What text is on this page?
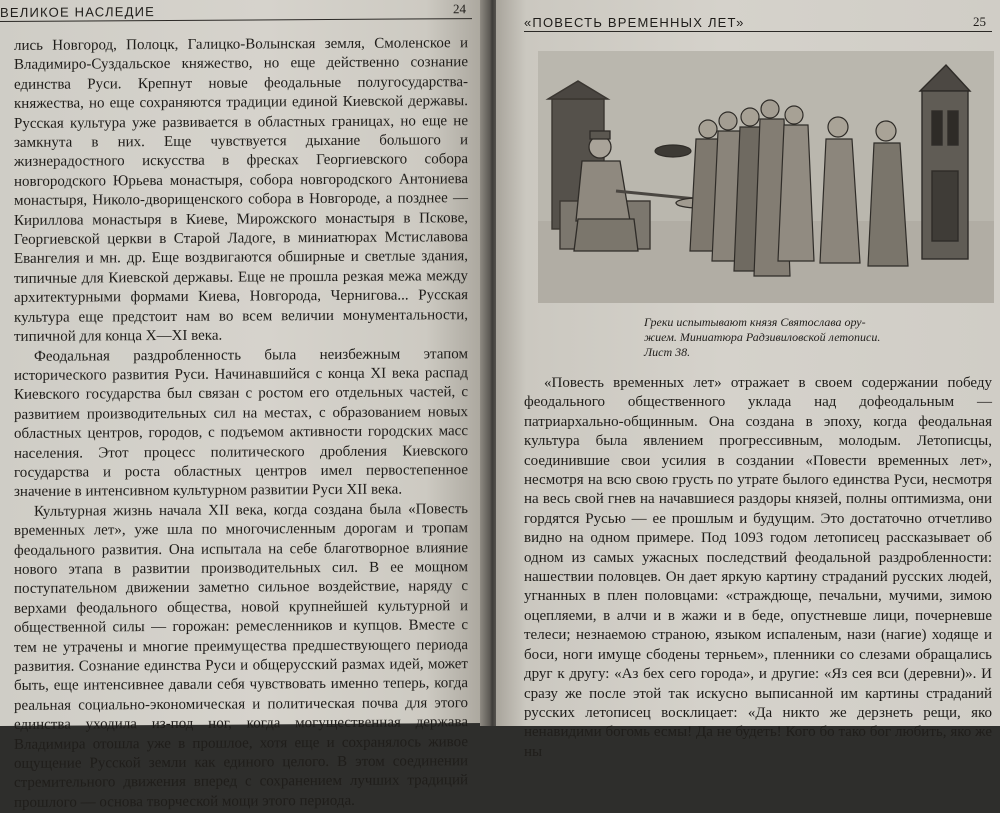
ВЕЛИКОЕ НАСЛЕДИЕ	24

лись Новгород, Полоцк, Галицко-Волынская земля, Смоленское и Владимиро-Суздальское княжество, но еще действенно сознание единства Руси. Крепнут новые феодальные полугосударства-княжества, но еще сохраняются традиции единой Киевской державы. Русская культура уже развивается в областных границах, но еще не замкнута в них. Еще чувствуется дыхание большого и жизнерадостного искусства в фресках Георгиевского собора новгородского Юрьева монастыря, собора новгородского Антониева монастыря, Николо-дворищенского собора в Новгороде, а позднее — Кириллова монастыря в Киеве, Мирожского монастыря в Пскове, Георгиевской церкви в Старой Ладоге, в миниатюрах Мстиславова Евангелия и мн. др. Еще воздвигаются обширные и светлые здания, типичные для Киевской державы. Еще не прошла резкая межа между архитектурными формами Киева, Новгорода, Чернигова... Русская культура еще предстоит нам во всем величии монументальности, типичной для конца X—XI века.

Феодальная раздробленность была неизбежным этапом исторического развития Руси. Начинавшийся с конца XI века распад Киевского государства был связан с ростом его отдельных частей, с развитием производительных сил на местах, с образованием новых областных центров, городов, с подъемом активности городских масс населения. Этот процесс политического дробления Киевского государства и роста областных центров имел первостепенное значение в интенсивном культурном развитии Руси XII века.

Культурная жизнь начала XII века, когда создана была «Повесть временных лет», уже шла по многочисленным дорогам и тропам феодального развития. Она испытала на себе благотворное влияние нового этапа в развитии производительных сил. В ее мощном поступательном движении заметно сильное воздействие, наряду с верхами феодального общества, новой крупнейшей культурной и общественной силы — горожан: ремесленников и купцов. Вместе с тем не утрачены и многие преимущества предшествующего периода развития. Сознание единства Руси и общерусский размах идей, может быть, еще интенсивнее давали себя чувствовать именно теперь, когда реальная социально-экономическая и политическая почва для этого единства уходила из-под ног, когда могущественная держава Владимира отошла уже в прошлое, хотя еще и сохранялось живое ощущение Русской земли как единого целого. В этом соединении стремительного движения вперед с сохранением лучших традиций прошлого — основа творческой мощи этого периода.

«ПОВЕСТЬ ВРЕМЕННЫХ ЛЕТ»	25
Греки испытывают князя Святослава ору-
жием. Миниатюра Радзивиловской летописи.
Лист 38.

«Повесть временных лет» отражает в своем содержании победу феодального общественного уклада над дофеодальным — патриархально-общинным. Она создана в эпоху, когда феодальная культура была явлением прогрессивным, молодым. Летописцы, соединившие свои усилия в создании «Повести временных лет», несмотря на всю свою грусть по утрате былого единства Руси, несмотря на весь свой гнев на начавшиеся раздоры князей, полны оптимизма, они гордятся Русью — ее прошлым и будущим. Это достаточно отчетливо видно на одном примере. Под 1093 годом летописец рассказывает об одном из самых ужасных последствий феодальной раздробленности: нашествии половцев. Он дает яркую картину страданий русских людей, угнанных в плен половцами: «страждюще, печальни, мучими, зимою оцепляеми, в алчи и в жажи и в беде, опустневше лици, почерневше телеси; незнаемою страною, языком испаленым, нази (нагие) ходяще и боси, ноги имуще сбодены терньем», пленники со слезами обращались друг к другу: «Аз бех сего города», и другие: «Яз сея вси (деревни)». И сразу же после этой так искусно выписанной им картины страданий русских летописец восклицает: «Да никто же дерзнеть рещи, яко ненавидими богомь есмы! Да не будеть! Кого бо тако бог любить, яко же ны
